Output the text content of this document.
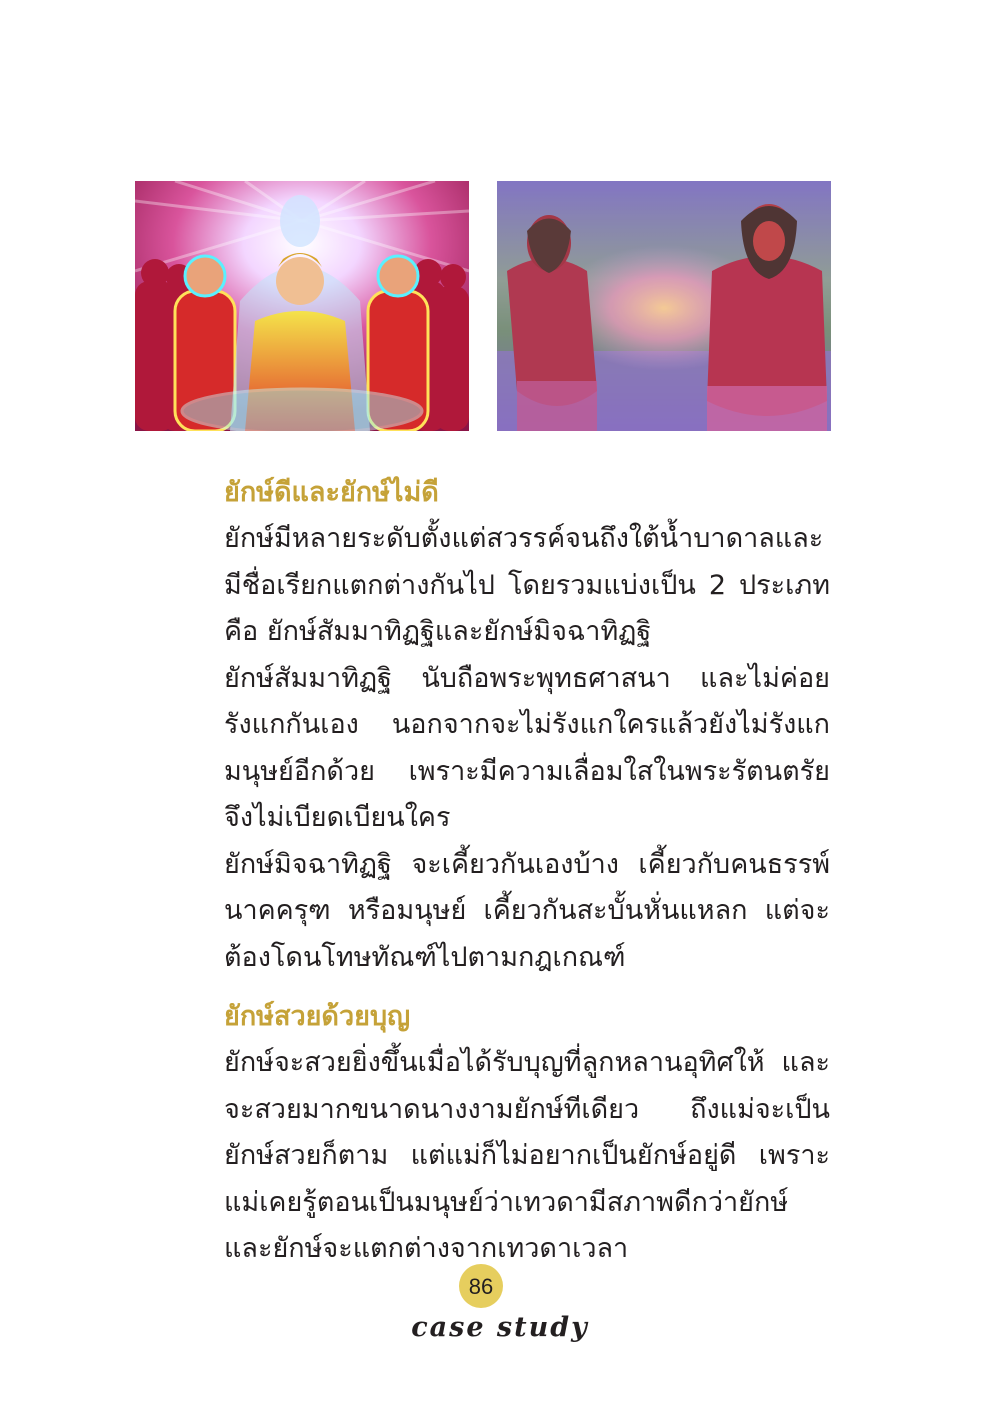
ยักษ์ดีและยักษ์ไม่ดี
ยักษ์มีหลายระดับตั้งแต่สวรรค์จนถึงใต้น้ำบาดาลและมีชื่อเรียกแตกต่างกันไป โดยรวมแบ่งเป็น 2 ประเภทคือ ยักษ์สัมมาทิฏฐิและยักษ์มิจฉาทิฏฐิ
ยักษ์สัมมาทิฏฐิ นับถือพระพุทธศาสนา และไม่ค่อยรังแกกันเอง นอกจากจะไม่รังแกใครแล้วยังไม่รังแกมนุษย์อีกด้วย เพราะมีความเลื่อมใสในพระรัตนตรัยจึงไม่เบียดเบียนใคร
ยักษ์มิจฉาทิฏฐิ จะเคี้ยวกันเองบ้าง เคี้ยวกับคนธรรพ์ นาคครุฑ หรือมนุษย์ เคี้ยวกันสะบั้นหั่นแหลก แต่จะต้องโดนโทษทัณฑ์ไปตามกฎเกณฑ์
ยักษ์สวยด้วยบุญ
ยักษ์จะสวยยิ่งขึ้นเมื่อได้รับบุญที่ลูกหลานอุทิศให้ และจะสวยมากขนาดนางงามยักษ์ทีเดียว ถึงแม่จะเป็นยักษ์สวยก็ตาม แต่แม่ก็ไม่อยากเป็นยักษ์อยู่ดี เพราะแม่เคยรู้ตอนเป็นมนุษย์ว่าเทวดามีสภาพดีกว่ายักษ์ และยักษ์จะแตกต่างจากเทวดาเวลา
86
case study
